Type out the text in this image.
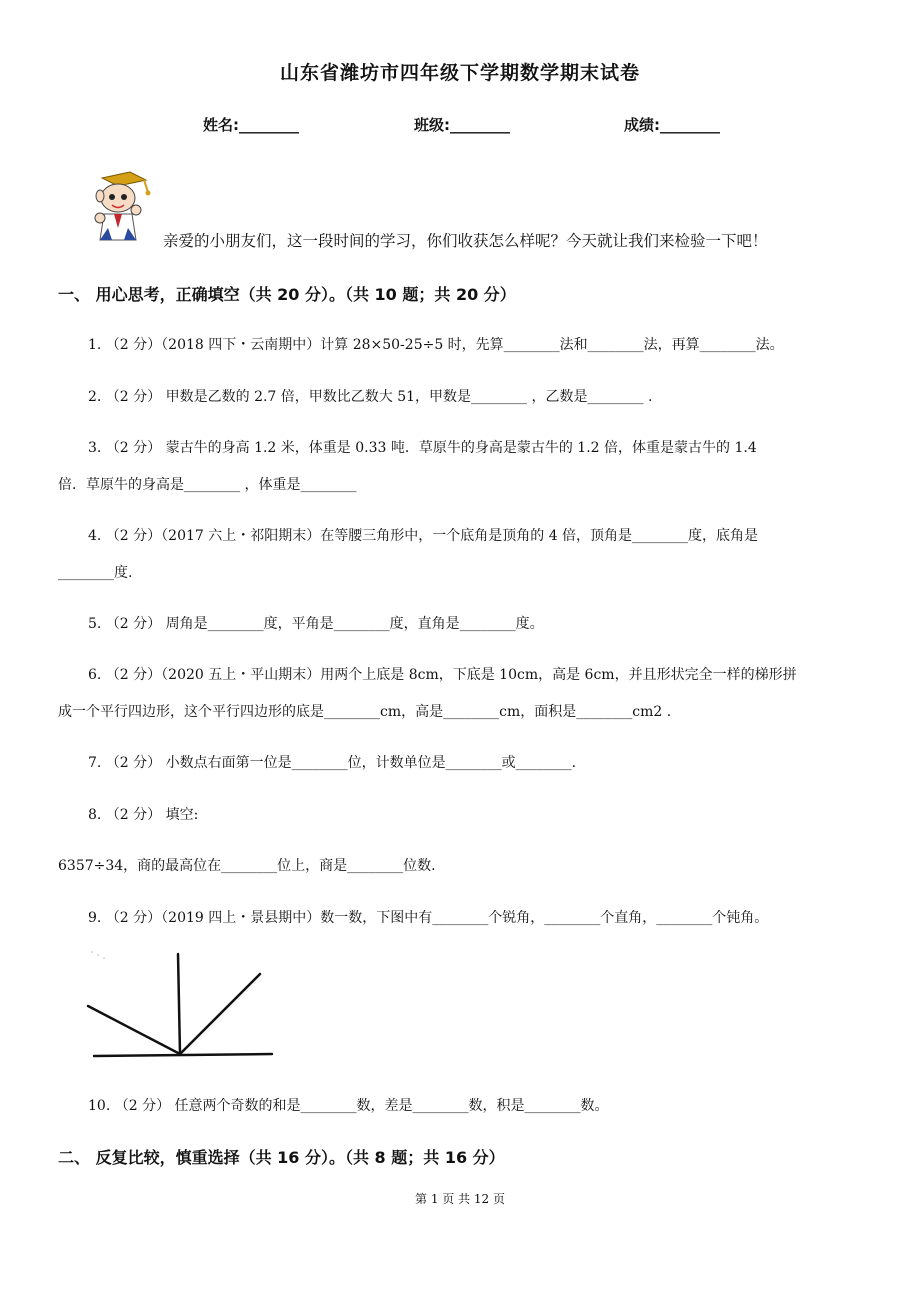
山东省潍坊市四年级下学期数学期末试卷
姓名:________	班级:________	成绩:________
亲爱的小朋友们，这一段时间的学习，你们收获怎么样呢？今天就让我们来检验一下吧！
一、 用心思考，正确填空（共 20 分）。（共 10 题；共 20 分）
1. （2 分）（2018 四下・云南期中）计算 28×50-25÷5 时，先算________法和________法，再算________法。
2. （2 分） 甲数是乙数的 2.7 倍，甲数比乙数大 51，甲数是________ ，乙数是________ .
3. （2 分） 蒙古牛的身高 1.2 米，体重是 0.33 吨．草原牛的身高是蒙古牛的 1.2 倍，体重是蒙古牛的 1.4
倍．草原牛的身高是________ ，体重是________
4. （2 分）（2017 六上・祁阳期末）在等腰三角形中，一个底角是顶角的 4 倍，顶角是________度，底角是
________度.
5. （2 分） 周角是________度，平角是________度，直角是________度。
6. （2 分）（2020 五上・平山期末）用两个上底是 8cm，下底是 10cm，高是 6cm，并且形状完全一样的梯形拼
成一个平行四边形，这个平行四边形的底是________cm，高是________cm，面积是________cm2 .
7. （2 分） 小数点右面第一位是________位，计数单位是________或________.
8. （2 分） 填空:
6357÷34，商的最高位在________位上，商是________位数.
9. （2 分）（2019 四上・景县期中）数一数，下图中有________个锐角，________个直角，________个钝角。
10. （2 分） 任意两个奇数的和是________数，差是________数，积是________数。
二、 反复比较，慎重选择（共 16 分）。（共 8 题；共 16 分）
第 1 页 共 12 页
